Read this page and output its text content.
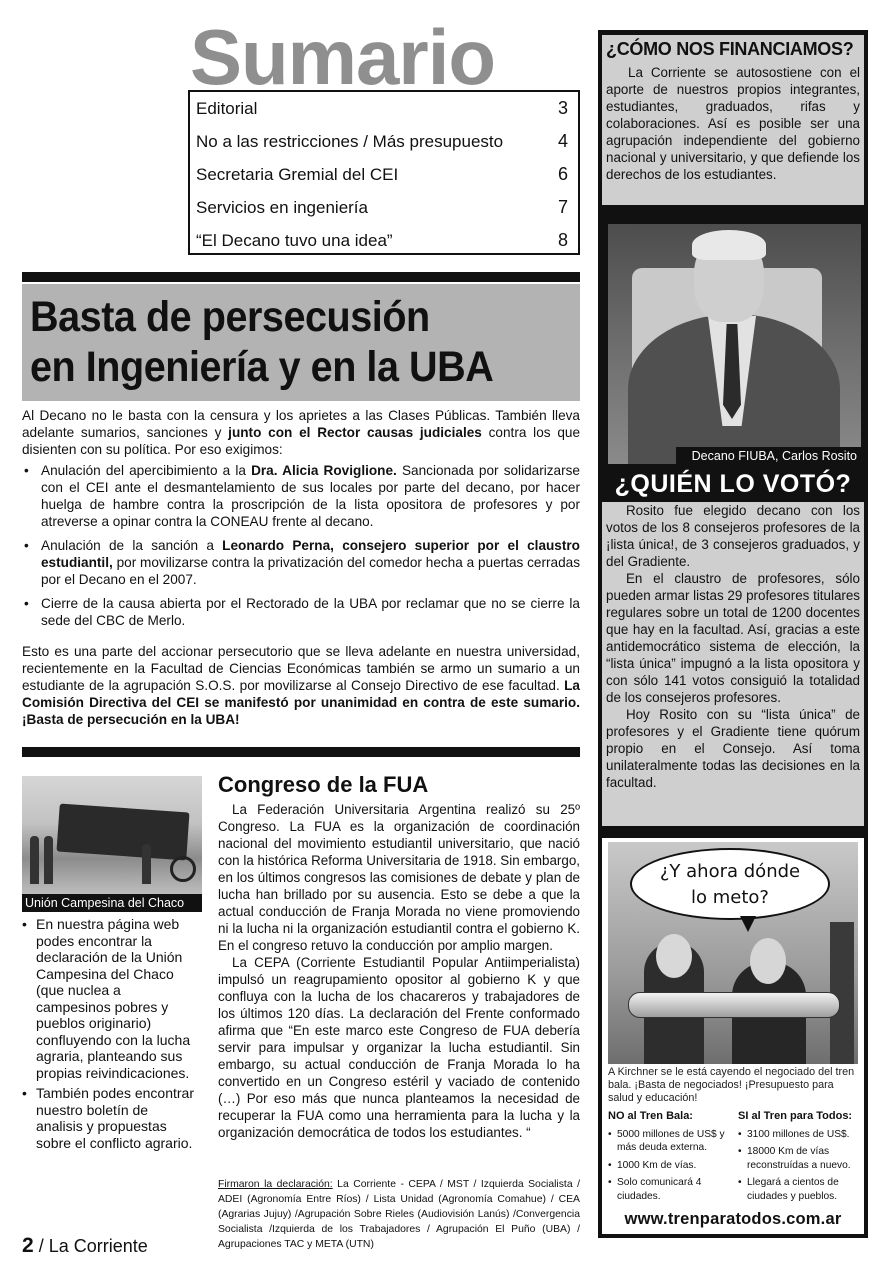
Sumario
Editorial	3
No a las restricciones / Más presupuesto	4
Secretaria Gremial del CEI	6
Servicios en ingeniería	7
“El Decano tuvo una idea”	8
Basta de persecusión
en Ingeniería y en la UBA

Al Decano no le basta con la censura y los aprietes a las Clases Públicas. También lleva adelante sumarios, sanciones y junto con el Rector causas judiciales contra los que disienten con su política. Por eso exigimos:

• Anulación del apercibimiento a la Dra. Alicia Roviglione. Sancionada por solidarizarse con el CEI ante el desmantelamiento de sus locales por parte del decano, por hacer huelga de hambre contra la proscripción de la lista opositora de profesores y por atreverse a opinar contra la CONEAU frente al decano.
• Anulación de la sanción a Leonardo Perna, consejero superior por el claustro estudiantil, por movilizarse contra la privatización del comedor hecha a puertas cerradas por el Decano en el 2007.
• Cierre de la causa abierta por el Rectorado de la UBA por reclamar que no se cierre la sede del CBC de Merlo.

Esto es una parte del accionar persecutorio que se lleva adelante en nuestra universidad, recientemente en la Facultad de Ciencias Económicas también se armo un sumario a un estudiante de la agrupación S.O.S. por movilizarse al Consejo Directivo de ese facultad. La Comisión Directiva del CEI se manifestó por unanimidad en contra de este sumario. ¡Basta de persecución en la UBA!

Unión Campesina del Chaco
• En nuestra página web podes encontrar la declaración de la Unión Campesina del Chaco (que nuclea a campesinos pobres y pueblos originario) confluyendo con la lucha agraria, planteando sus propias reivindicaciones.
• También podes encontrar nuestro boletín de analisis y propuestas sobre el conflicto agrario.
Congreso de la FUA

La Federación Universitaria Argentina realizó su 25º Congreso. La FUA es la organización de coordinación nacional del movimiento estudiantil universitario, que nació con la histórica Reforma Universitaria de 1918. Sin embargo, en los últimos congresos las comisiones de debate y plan de lucha han brillado por su ausencia. Esto se debe a que la actual conducción de Franja Morada no viene promoviendo ni la lucha ni la organización estudiantil contra el gobierno K. En el congreso retuvo la conducción por amplio margen.

La CEPA (Corriente Estudiantil Popular Antiimperialista) impulsó un reagrupamiento opositor al gobierno K y que confluya con la lucha de los chacareros y trabajadores de los últimos 120 días. La declaración del Frente conformado afirma que “En este marco este Congreso de FUA debería servir para impulsar y organizar la lucha estudiantil. Sin embargo, su actual conducción de Franja Morada lo ha convertido en un Congreso estéril y vaciado de contenido (…) Por eso más que nunca planteamos la necesidad de recuperar la FUA como una herramienta para la lucha y la organización democrática de todos los estudiantes. “

Firmaron la declaración: La Corriente - CEPA / MST / Izquierda Socialista / ADEI (Agronomía Entre Ríos) / Lista Unidad (Agronomía Comahue) / CEA (Agrarias Jujuy) /Agrupación Sobre Rieles (Audiovisión Lanús) /Convergencia Socialista /Izquierda de los Trabajadores / Agrupación El Puño (UBA) / Agrupaciones TAC y META (UTN)

2 / La Corriente
¿CÓMO NOS FINANCIAMOS?

La Corriente se autosostiene con el aporte de nuestros propios integrantes, estudiantes, graduados, rifas y colaboraciones. Así es posible ser una agrupación independiente del gobierno nacional y universitario, y que defiende los derechos de los estudiantes.

Decano FIUBA, Carlos Rosito
¿QUIÉN LO VOTÓ?

Rosito fue elegido decano con los votos de los 8 consejeros profesores de la ¡lista única!, de 3 consejeros graduados, y del Gradiente.

En el claustro de profesores, sólo pueden armar listas 29 profesores titulares regulares sobre un total de 1200 docentes que hay en la facultad. Así, gracias a este antidemocrático sistema de elección, la “lista única” impugnó a la lista opositora y con sólo 141 votos consiguió la totalidad de los consejeros profesores.

Hoy Rosito con su “lista única” de profesores y el Gradiente tiene quórum propio en el Consejo. Así toma unilateralmente todas las decisiones en la facultad.

¿Y ahora dónde
lo meto?

A Kirchner se le está cayendo el negociado del tren bala. ¡Basta de negociados! ¡Presupuesto para salud y educación!

NO al Tren Bala:
• 5000 millones de US$ y más deuda externa.
• 1000 Km de vías.
• Solo comunicará 4 ciudades.
SI al Tren para Todos:
• 3100 millones de US$.
• 18000 Km de vías reconstruídas a nuevo.
• Llegará a cientos de ciudades y pueblos.
www.trenparatodos.com.ar
